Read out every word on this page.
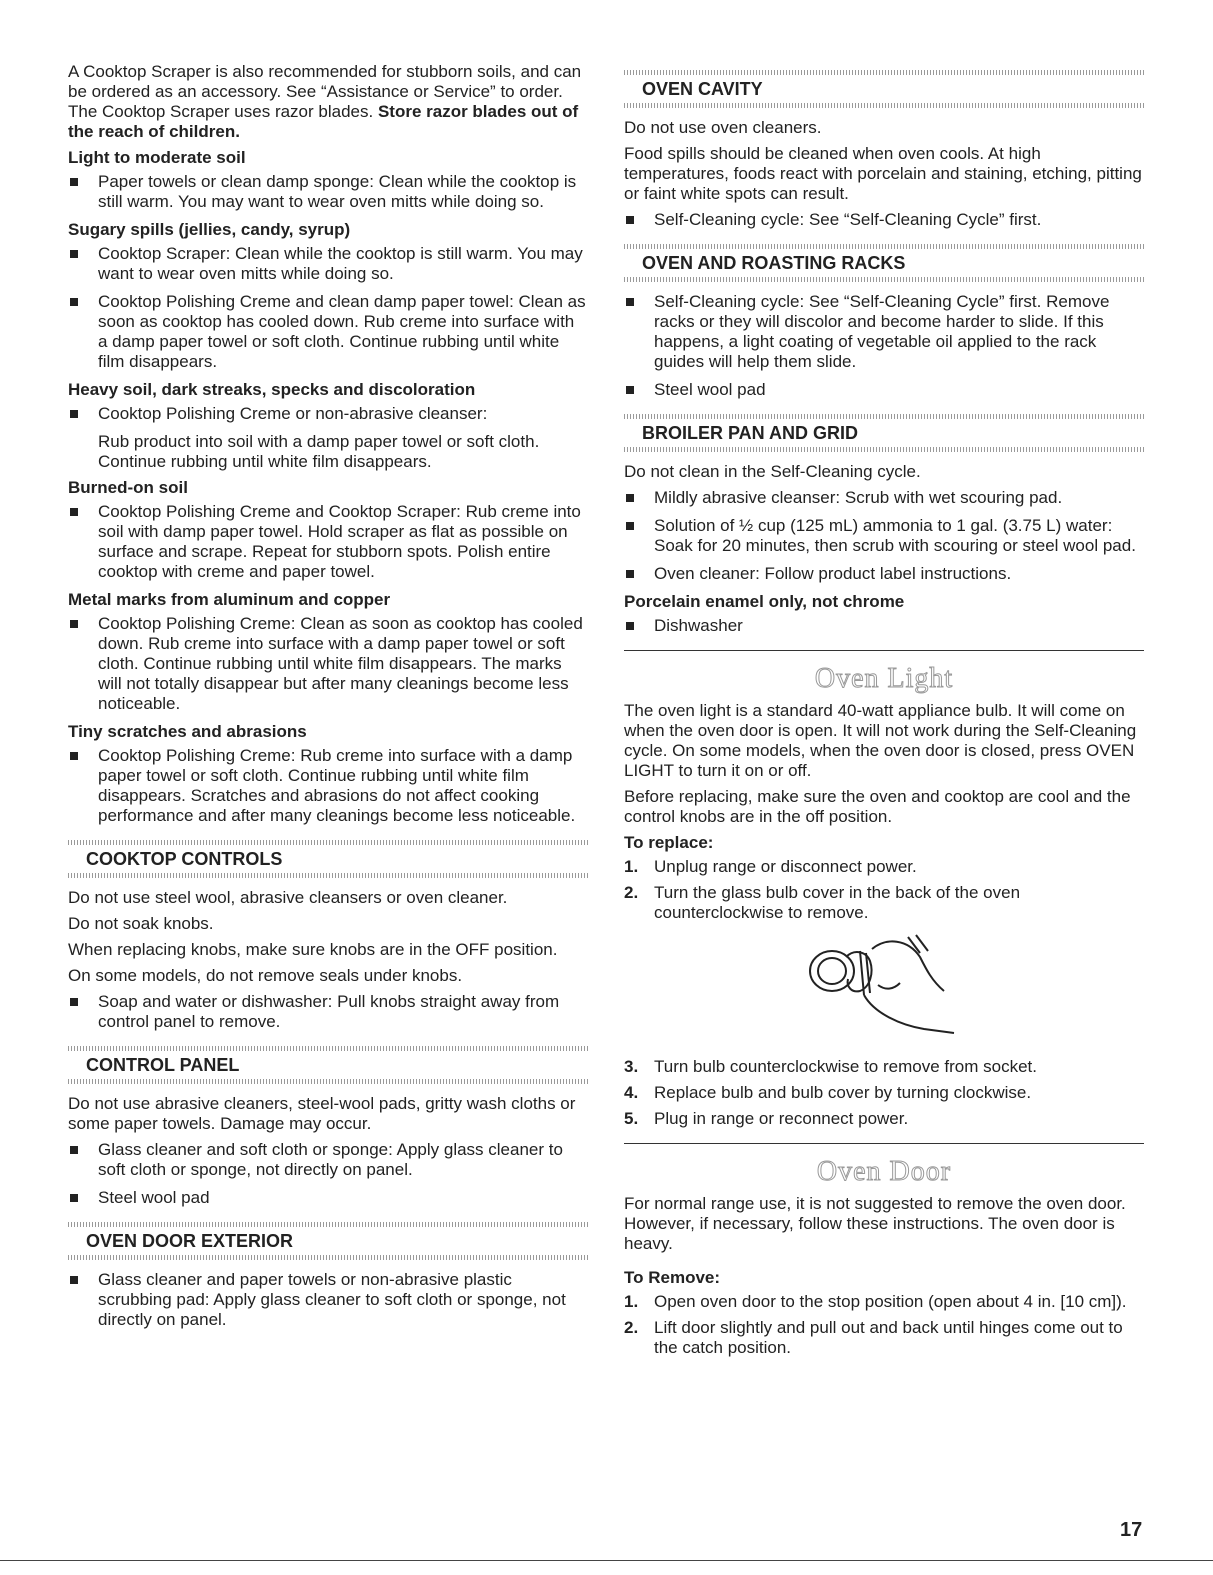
A Cooktop Scraper is also recommended for stubborn soils, and can be ordered as an accessory. See “Assistance or Service” to order. The Cooktop Scraper uses razor blades. Store razor blades out of the reach of children.

Light to moderate soil
Paper towels or clean damp sponge: Clean while the cooktop is still warm. You may want to wear oven mitts while doing so.
Sugary spills (jellies, candy, syrup)
Cooktop Scraper: Clean while the cooktop is still warm. You may want to wear oven mitts while doing so.
Cooktop Polishing Creme and clean damp paper towel: Clean as soon as cooktop has cooled down. Rub creme into surface with a damp paper towel or soft cloth. Continue rubbing until white film disappears.
Heavy soil, dark streaks, specks and discoloration
Cooktop Polishing Creme or non-abrasive cleanser:

Rub product into soil with a damp paper towel or soft cloth. Continue rubbing until white film disappears.

Burned-on soil
Cooktop Polishing Creme and Cooktop Scraper: Rub creme into soil with damp paper towel. Hold scraper as flat as possible on surface and scrape. Repeat for stubborn spots. Polish entire cooktop with creme and paper towel.
Metal marks from aluminum and copper
Cooktop Polishing Creme: Clean as soon as cooktop has cooled down. Rub creme into surface with a damp paper towel or soft cloth. Continue rubbing until white film disappears. The marks will not totally disappear but after many cleanings become less noticeable.
Tiny scratches and abrasions
Cooktop Polishing Creme: Rub creme into surface with a damp paper towel or soft cloth. Continue rubbing until white film disappears. Scratches and abrasions do not affect cooking performance and after many cleanings become less noticeable.
COOKTOP CONTROLS

Do not use steel wool, abrasive cleansers or oven cleaner.

Do not soak knobs.

When replacing knobs, make sure knobs are in the OFF position.

On some models, do not remove seals under knobs.

Soap and water or dishwasher: Pull knobs straight away from control panel to remove.
CONTROL PANEL

Do not use abrasive cleaners, steel-wool pads, gritty wash cloths or some paper towels. Damage may occur.

Glass cleaner and soft cloth or sponge: Apply glass cleaner to soft cloth or sponge, not directly on panel.
Steel wool pad
OVEN DOOR EXTERIOR
Glass cleaner and paper towels or non-abrasive plastic scrubbing pad: Apply glass cleaner to soft cloth or sponge, not directly on panel.
OVEN CAVITY

Do not use oven cleaners.

Food spills should be cleaned when oven cools. At high temperatures, foods react with porcelain and staining, etching, pitting or faint white spots can result.

Self-Cleaning cycle: See “Self-Cleaning Cycle” first.
OVEN AND ROASTING RACKS
Self-Cleaning cycle: See “Self-Cleaning Cycle” first. Remove racks or they will discolor and become harder to slide. If this happens, a light coating of vegetable oil applied to the rack guides will help them slide.
Steel wool pad
BROILER PAN AND GRID

Do not clean in the Self-Cleaning cycle.

Mildly abrasive cleanser: Scrub with wet scouring pad.
Solution of ½ cup (125 mL) ammonia to 1 gal. (3.75 L) water: Soak for 20 minutes, then scrub with scouring or steel wool pad.
Oven cleaner: Follow product label instructions.
Porcelain enamel only, not chrome
Dishwasher
Oven Light

The oven light is a standard 40-watt appliance bulb. It will come on when the oven door is open. It will not work during the Self-Cleaning cycle. On some models, when the oven door is closed, press OVEN LIGHT to turn it on or off.

Before replacing, make sure the oven and cooktop are cool and the control knobs are in the off position.

To replace:
1. Unplug range or disconnect power.
2. Turn the glass bulb cover in the back of the oven counterclockwise to remove.
3. Turn bulb counterclockwise to remove from socket.
4. Replace bulb and bulb cover by turning clockwise.
5. Plug in range or reconnect power.
Oven Door

For normal range use, it is not suggested to remove the oven door. However, if necessary, follow these instructions. The oven door is heavy.

To Remove:
1. Open oven door to the stop position (open about 4 in. [10 cm]).
2. Lift door slightly and pull out and back until hinges come out to the catch position.
17
